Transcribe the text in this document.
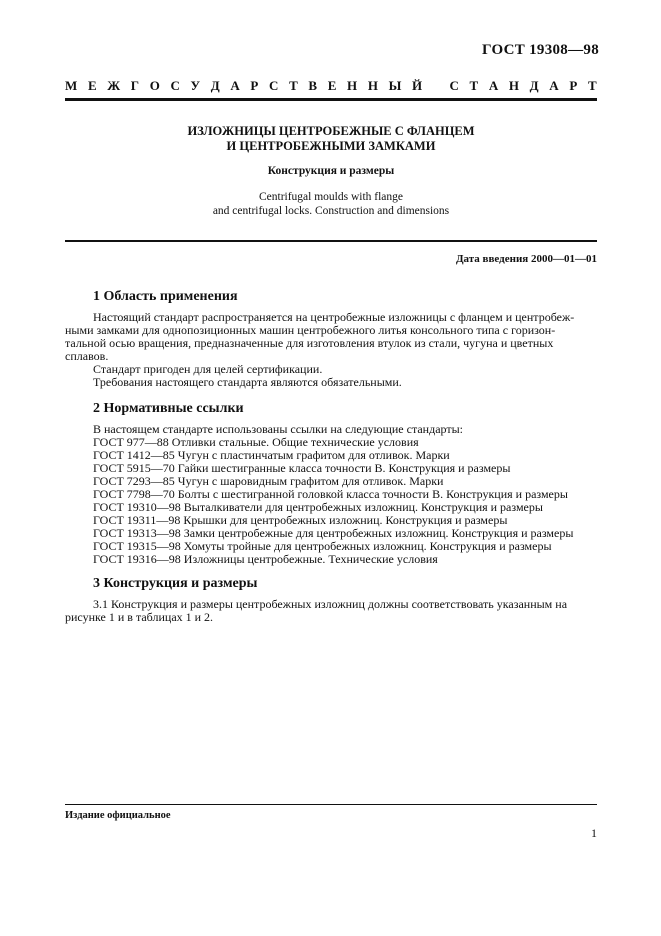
ГОСТ 19308—98
М Е Ж Г О С У Д А Р С Т В Е Н Н Ы Й С Т А Н Д А Р Т
ИЗЛОЖНИЦЫ ЦЕНТРОБЕЖНЫЕ С ФЛАНЦЕМ
И ЦЕНТРОБЕЖНЫМИ ЗАМКАМИ
Конструкция и размеры
Centrifugal moulds with flange
and centrifugal locks. Construction and dimensions
Дата введения 2000—01—01
1 Область применения
Настоящий стандарт распространяется на центробежные изложницы с фланцем и центробеж-
ными замками для однопозиционных машин центробежного литья консольного типа с горизон-
тальной осью вращения, предназначенные для изготовления втулок из стали, чугуна и цветных
сплавов.
Стандарт пригоден для целей сертификации.
Требования настоящего стандарта являются обязательными.
2 Нормативные ссылки
В настоящем стандарте использованы ссылки на следующие стандарты:
ГОСТ 977—88 Отливки стальные. Общие технические условия
ГОСТ 1412—85 Чугун с пластинчатым графитом для отливок. Марки
ГОСТ 5915—70 Гайки шестигранные класса точности В. Конструкция и размеры
ГОСТ 7293—85 Чугун с шаровидным графитом для отливок. Марки
ГОСТ 7798—70 Болты с шестигранной головкой класса точности В. Конструкция и размеры
ГОСТ 19310—98 Выталкиватели для центробежных изложниц. Конструкция и размеры
ГОСТ 19311—98 Крышки для центробежных изложниц. Конструкция и размеры
ГОСТ 19313—98 Замки центробежные для центробежных изложниц. Конструкция и размеры
ГОСТ 19315—98 Хомуты тройные для центробежных изложниц. Конструкция и размеры
ГОСТ 19316—98 Изложницы центробежные. Технические условия
3 Конструкция и размеры
3.1 Конструкция и размеры центробежных изложниц должны соответствовать указанным на
рисунке 1 и в таблицах 1 и 2.
Издание официальное
1
